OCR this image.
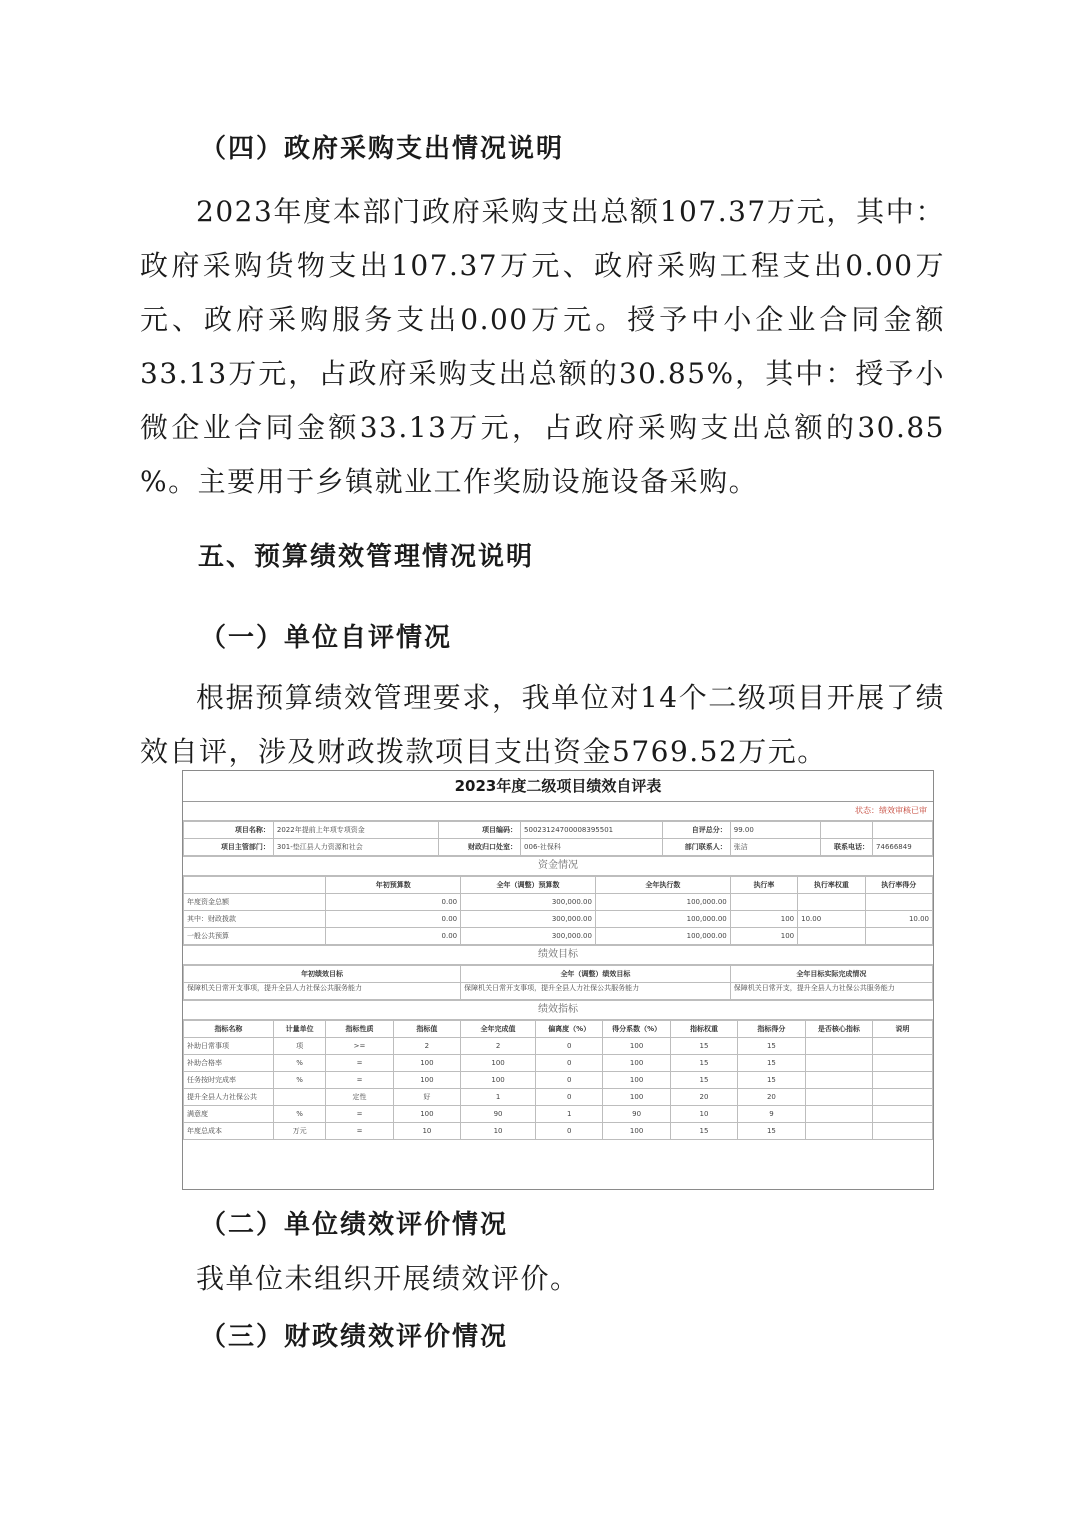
（四）政府采购支出情况说明
2023年度本部门政府采购支出总额107.37万元，其中：政府采购货物支出107.37万元、政府采购工程支出0.00万元、政府采购服务支出0.00万元。授予中小企业合同金额33.13万元，占政府采购支出总额的30.85%，其中：授予小微企业合同金额33.13万元，占政府采购支出总额的30.85 %。主要用于乡镇就业工作奖励设施设备采购。
五、预算绩效管理情况说明
（一）单位自评情况
根据预算绩效管理要求，我单位对14个二级项目开展了绩效自评，涉及财政拨款项目支出资金5769.52万元。
2023年度二级项目绩效自评表
状态：绩效审核已审
项目名称：	2022年提前上年项专项资金	项目编码：	50023124700008395501	自评总分：	99.00		
项目主管部门：	301-垫江县人力资源和社会	财政归口处室：	006-社保科	部门联系人：	张洁	联系电话：	74666849
资金情况
	年初预算数	全年（调整）预算数	全年执行数	执行率	执行率权重	执行率得分
年度资金总额	0.00	300,000.00	100,000.00			
其中：财政拨款	0.00	300,000.00	100,000.00	100	10.00	10.00
一般公共预算	0.00	300,000.00	100,000.00	100		
绩效目标
年初绩效目标	全年（调整）绩效目标	全年目标实际完成情况
保障机关日常开支事项，提升全县人力社保公共服务能力	保障机关日常开支事项，提升全县人力社保公共服务能力	保障机关日常开支，提升全县人力社保公共服务能力
绩效指标
指标名称	计量单位	指标性质	指标值	全年完成值	偏离度（%）	得分系数（%）	指标权重	指标得分	是否核心指标	说明
补助日常事项	项	>=	2	2	0	100	15	15		
补助合格率	%	=	100	100	0	100	15	15		
任务按时完成率	%	=	100	100	0	100	15	15		
提升全县人力社保公共		定性	好	1	0	100	20	20		
满意度	%	=	100	90	1	90	10	9		
年度总成本	万元	=	10	10	0	100	15	15		
（二）单位绩效评价情况
我单位未组织开展绩效评价。
（三）财政绩效评价情况
